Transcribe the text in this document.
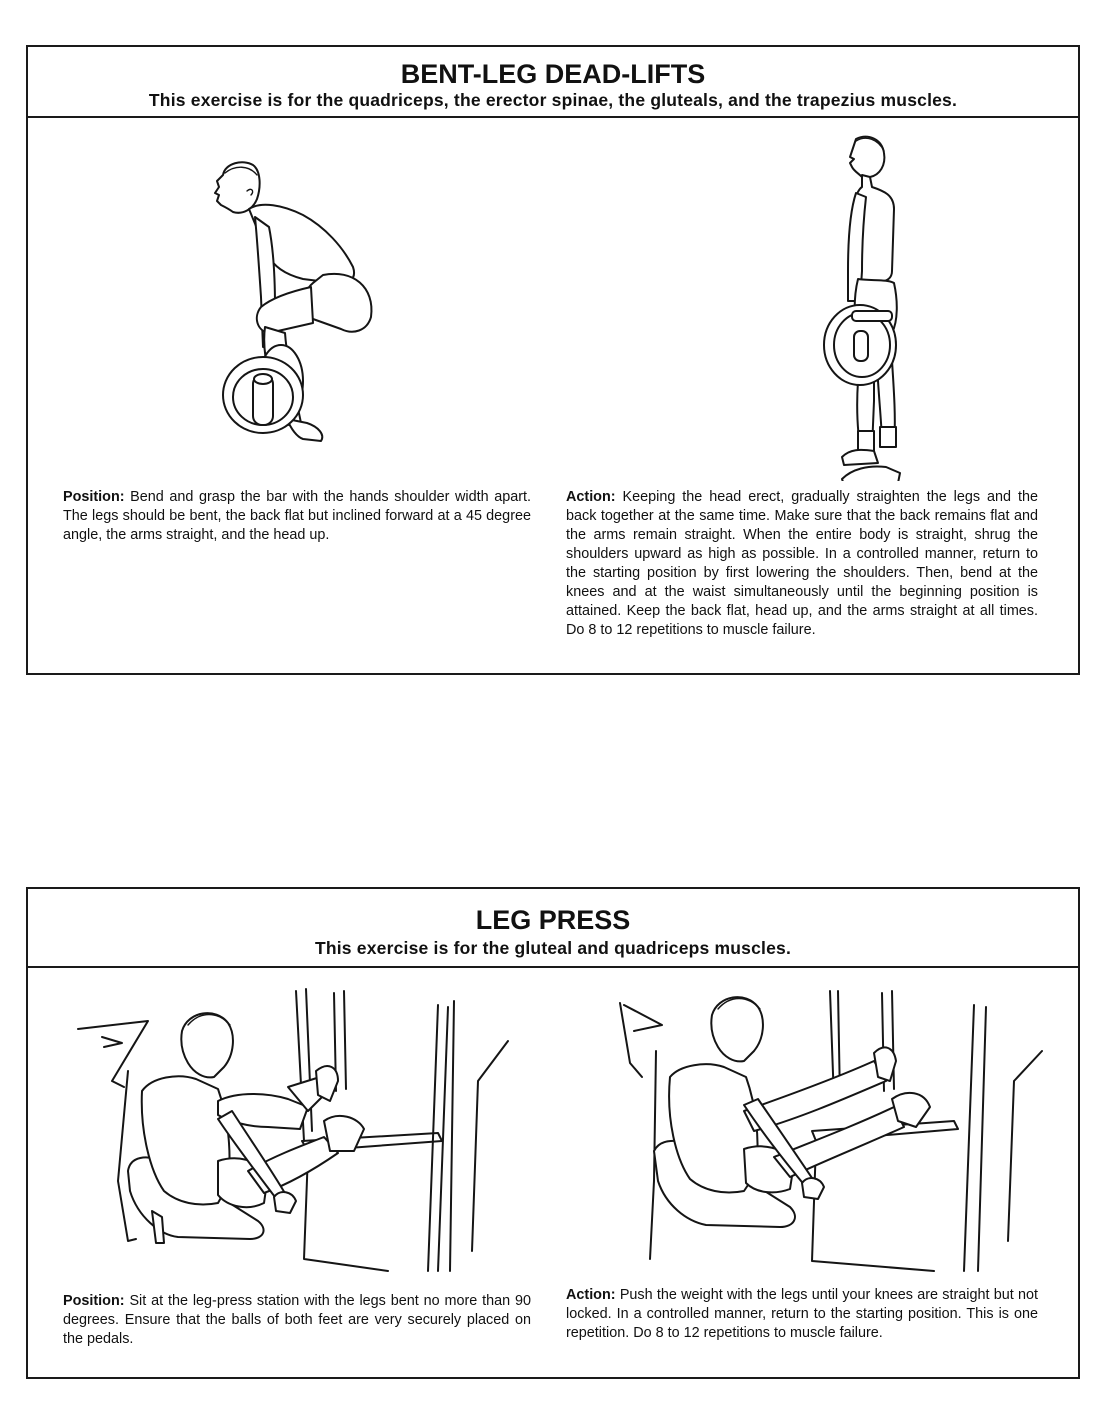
BENT-LEG DEAD-LIFTS
This exercise is for the quadriceps, the erector spinae, the gluteals, and the trapezius muscles.
Position: Bend and grasp the bar with the hands shoulder width apart. The legs should be bent, the back flat but inclined forward at a 45 degree angle, the arms straight, and the head up.
Action: Keeping the head erect, gradually straighten the legs and the back together at the same time. Make sure that the back remains flat and the arms remain straight. When the entire body is straight, shrug the shoulders upward as high as possible. In a controlled manner, return to the starting position by first lowering the shoulders. Then, bend at the knees and at the waist simultaneously until the beginning position is attained. Keep the back flat, head up, and the arms straight at all times. Do 8 to 12 repetitions to muscle failure.
LEG PRESS
This exercise is for the gluteal and quadriceps muscles.
Position: Sit at the leg-press station with the legs bent no more than 90 degrees. Ensure that the balls of both feet are very securely placed on the pedals.
Action: Push the weight with the legs until your knees are straight but not locked. In a controlled manner, return to the starting position. This is one repetition. Do 8 to 12 repetitions to muscle failure.
